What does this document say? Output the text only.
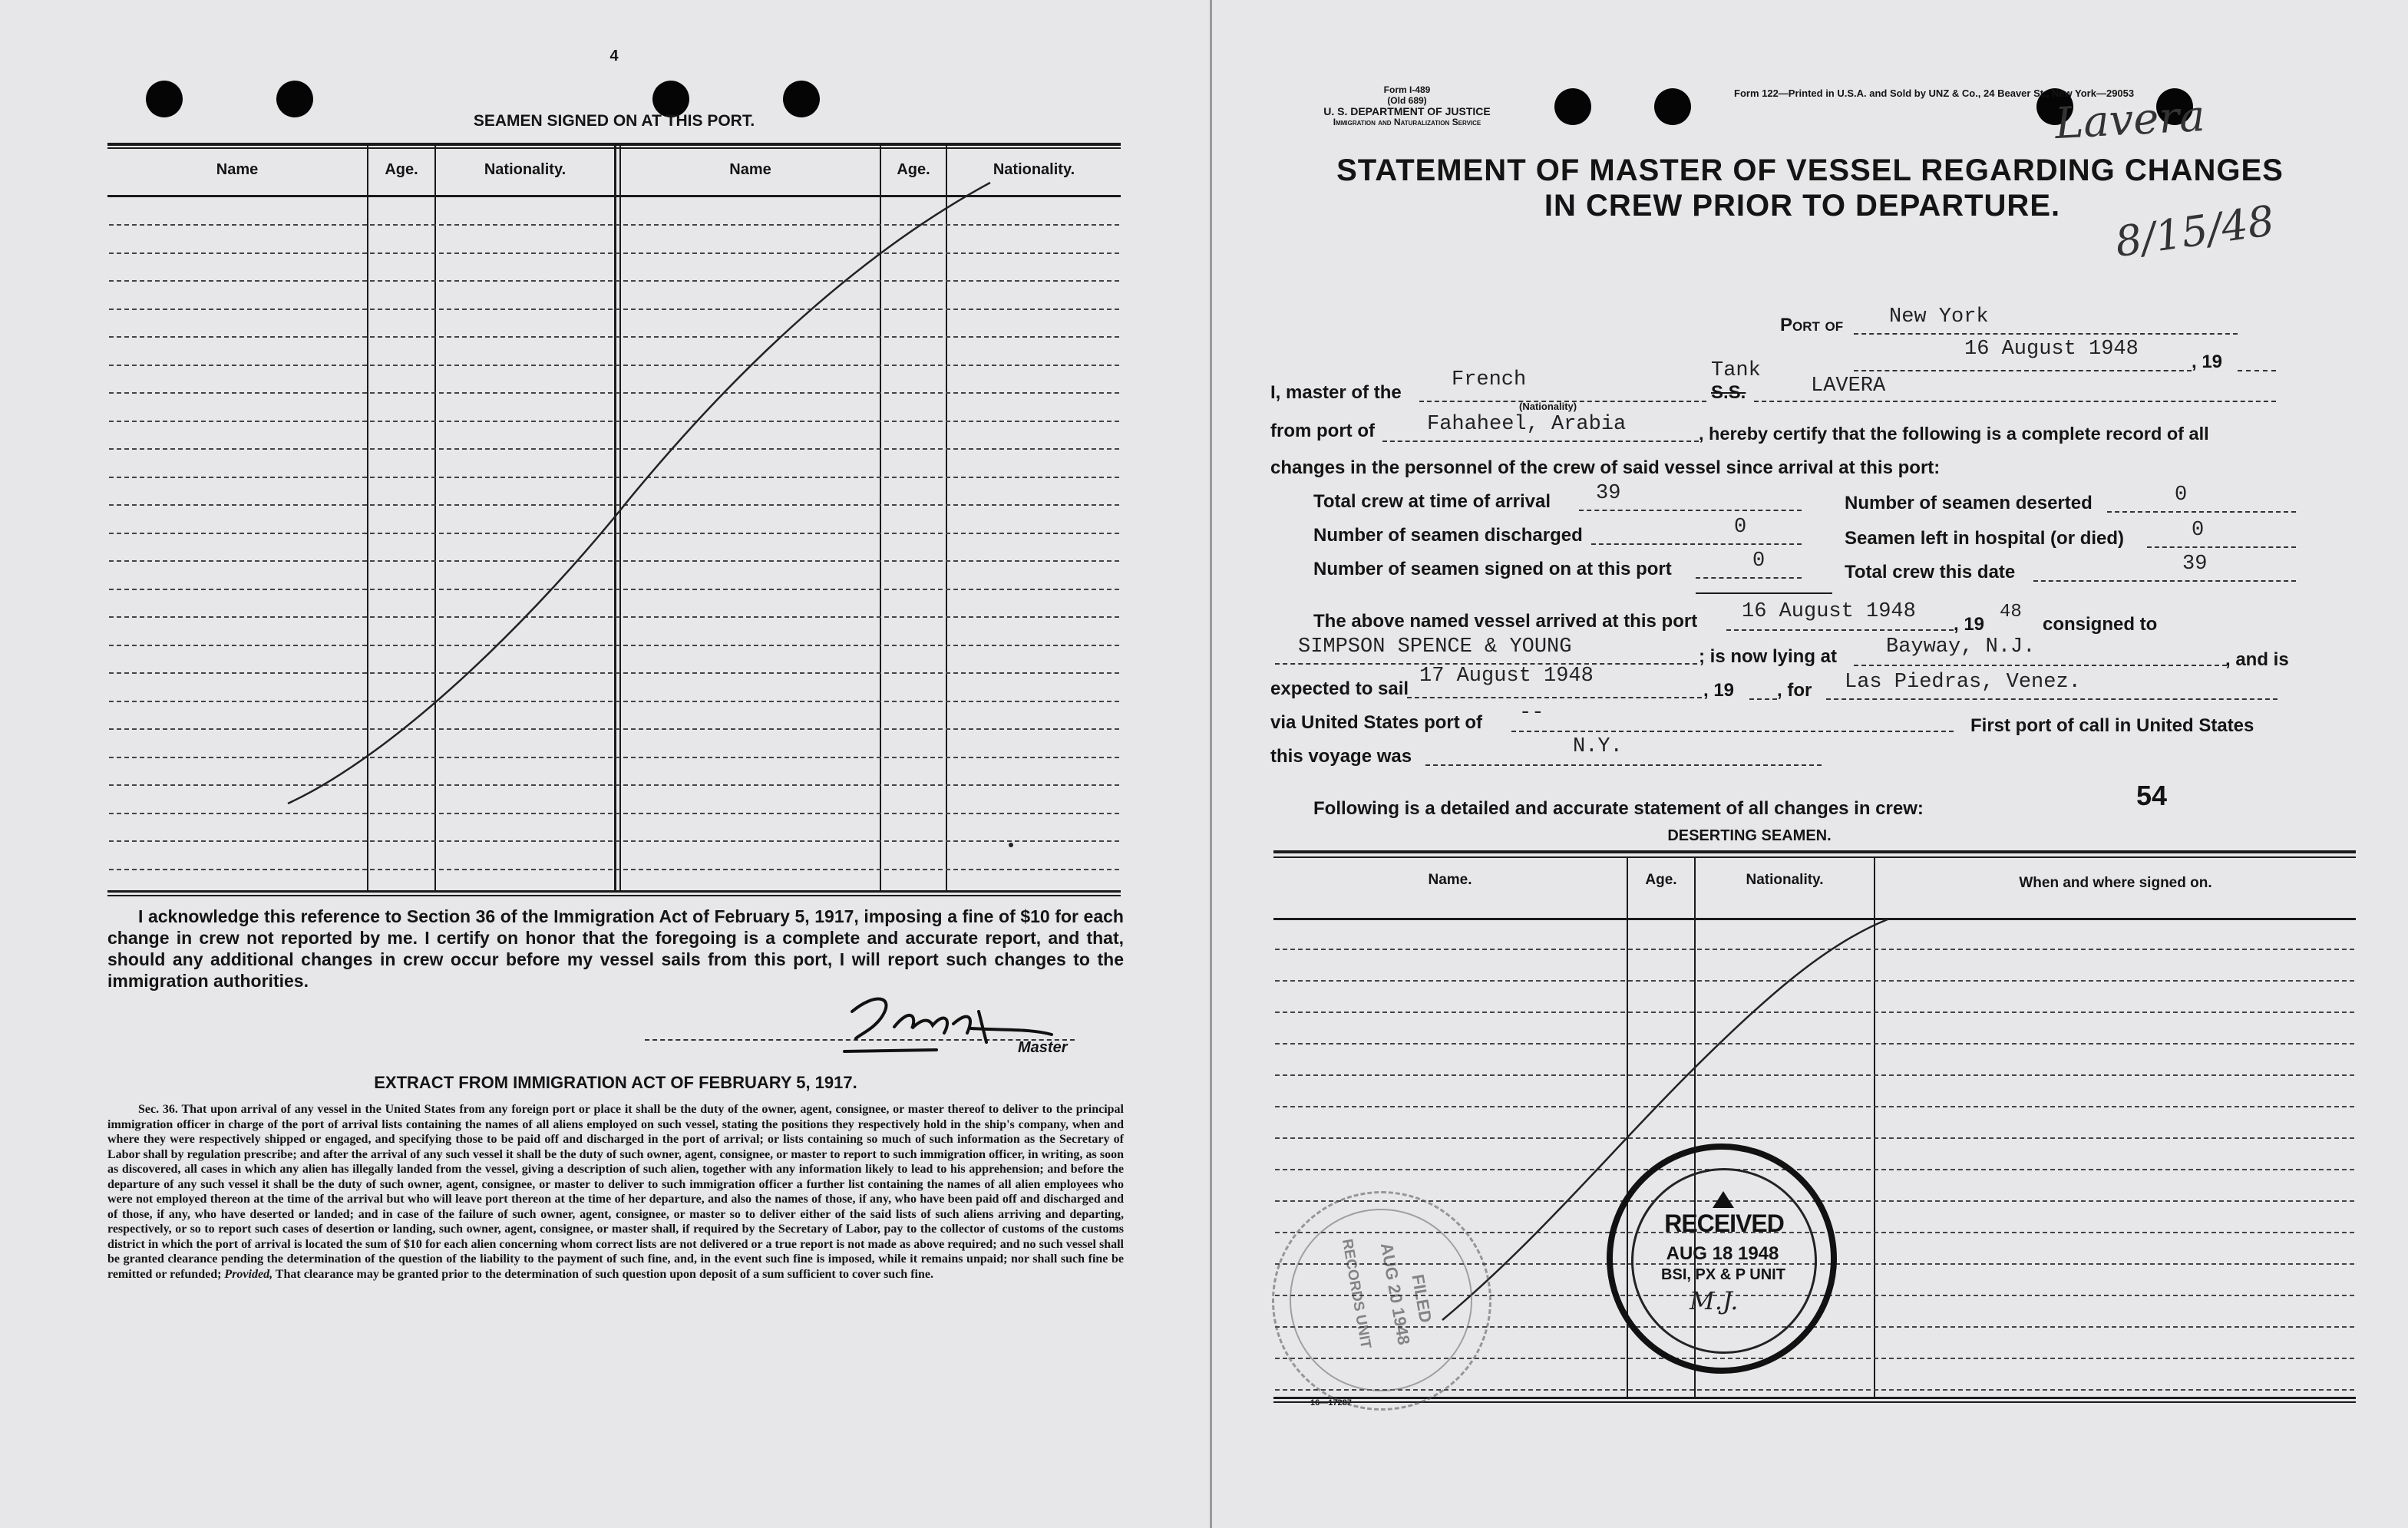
4
SEAMEN SIGNED ON AT THIS PORT.
Name	Age.	Nationality.	Name	Age.	Nationality.
I acknowledge this reference to Section 36 of the Immigration Act of February 5, 1917, imposing a fine of $10 for each change in crew not reported by me. I certify on honor that the foregoing is a complete and accurate report, and that, should any additional changes in crew occur before my vessel sails from this port, I will report such changes to the immigration authorities.
Master
EXTRACT FROM IMMIGRATION ACT OF FEBRUARY 5, 1917.
Sec. 36. That upon arrival of any vessel in the United States from any foreign port or place it shall be the duty of the owner, agent, consignee, or master thereof to deliver to the principal immigration officer in charge of the port of arrival lists containing the names of all aliens employed on such vessel, stating the positions they respectively hold in the ship's company, when and where they were respectively shipped or engaged, and specifying those to be paid off and discharged in the port of arrival; or lists containing so much of such information as the Secretary of Labor shall by regulation prescribe; and after the arrival of any such vessel it shall be the duty of such owner, agent, consignee, or master to report to such immigration officer, in writing, as soon as discovered, all cases in which any alien has illegally landed from the vessel, giving a description of such alien, together with any information likely to lead to his apprehension; and before the departure of any such vessel it shall be the duty of such owner, agent, consignee, or master to deliver to such immigration officer a further list containing the names of all alien employees who were not employed thereon at the time of the arrival but who will leave port thereon at the time of her departure, and also the names of those, if any, who have been paid off and discharged and of those, if any, who have deserted or landed; and in case of the failure of such owner, agent, consignee, or master so to deliver either of the said lists of such aliens arriving and departing, respectively, or so to report such cases of desertion or landing, such owner, agent, consignee, or master shall, if required by the Secretary of Labor, pay to the collector of customs of the customs district in which the port of arrival is located the sum of $10 for each alien concerning whom correct lists are not delivered or a true report is not made as above required; and no such vessel shall be granted clearance pending the determination of the question of the liability to the payment of such fine, and, in the event such fine is imposed, while it remains unpaid; nor shall such fine be remitted or refunded; Provided, That clearance may be granted prior to the determination of such question upon deposit of a sum sufficient to cover such fine.
Form I-489
(Old 689)
U. S. DEPARTMENT OF JUSTICE
Immigration and Naturalization Service
Form 122—Printed in U.S.A. and Sold by UNZ & Co., 24 Beaver St., New York—29053
Lavera
8/15/48
STATEMENT OF MASTER OF VESSEL REGARDING CHANGES
IN CREW PRIOR TO DEPARTURE.
Port of New York
16 August 1948
, 19
I, master of the
French
(Nationality)
Tank
S.S.	LAVERA
from port of	Fahaheel, Arabia	, hereby certify that the following is a complete record of all
changes in the personnel of the crew of said vessel since arrival at this port:
Total crew at time of arrival 39	Number of seamen deserted	0
Number of seamen discharged	0	Seamen left in hospital (or died)	0
Number of seamen signed on at this port	0	Total crew this date	39
The above named vessel arrived at this port 16 August 1948
, 19
48
consigned to
SIMPSON SPENCE & YOUNG	; is now lying at Bayway, N.J.
, and is
expected to sail
17 August 1948
, 19 , for Las Piedras, Venez.
via United States port of --
First port of call in United States
this voyage was	N.Y.
Following is a detailed and accurate statement of all changes in crew:	54
DESERTING SEAMEN.
Name.	Age.	Nationality.	When and where signed on.
RECORDS UNIT AUG 20 1948
FILED
RECEIVED
AUG 18 1948
BSI, PX & P UNIT
M.J.
16—17287
